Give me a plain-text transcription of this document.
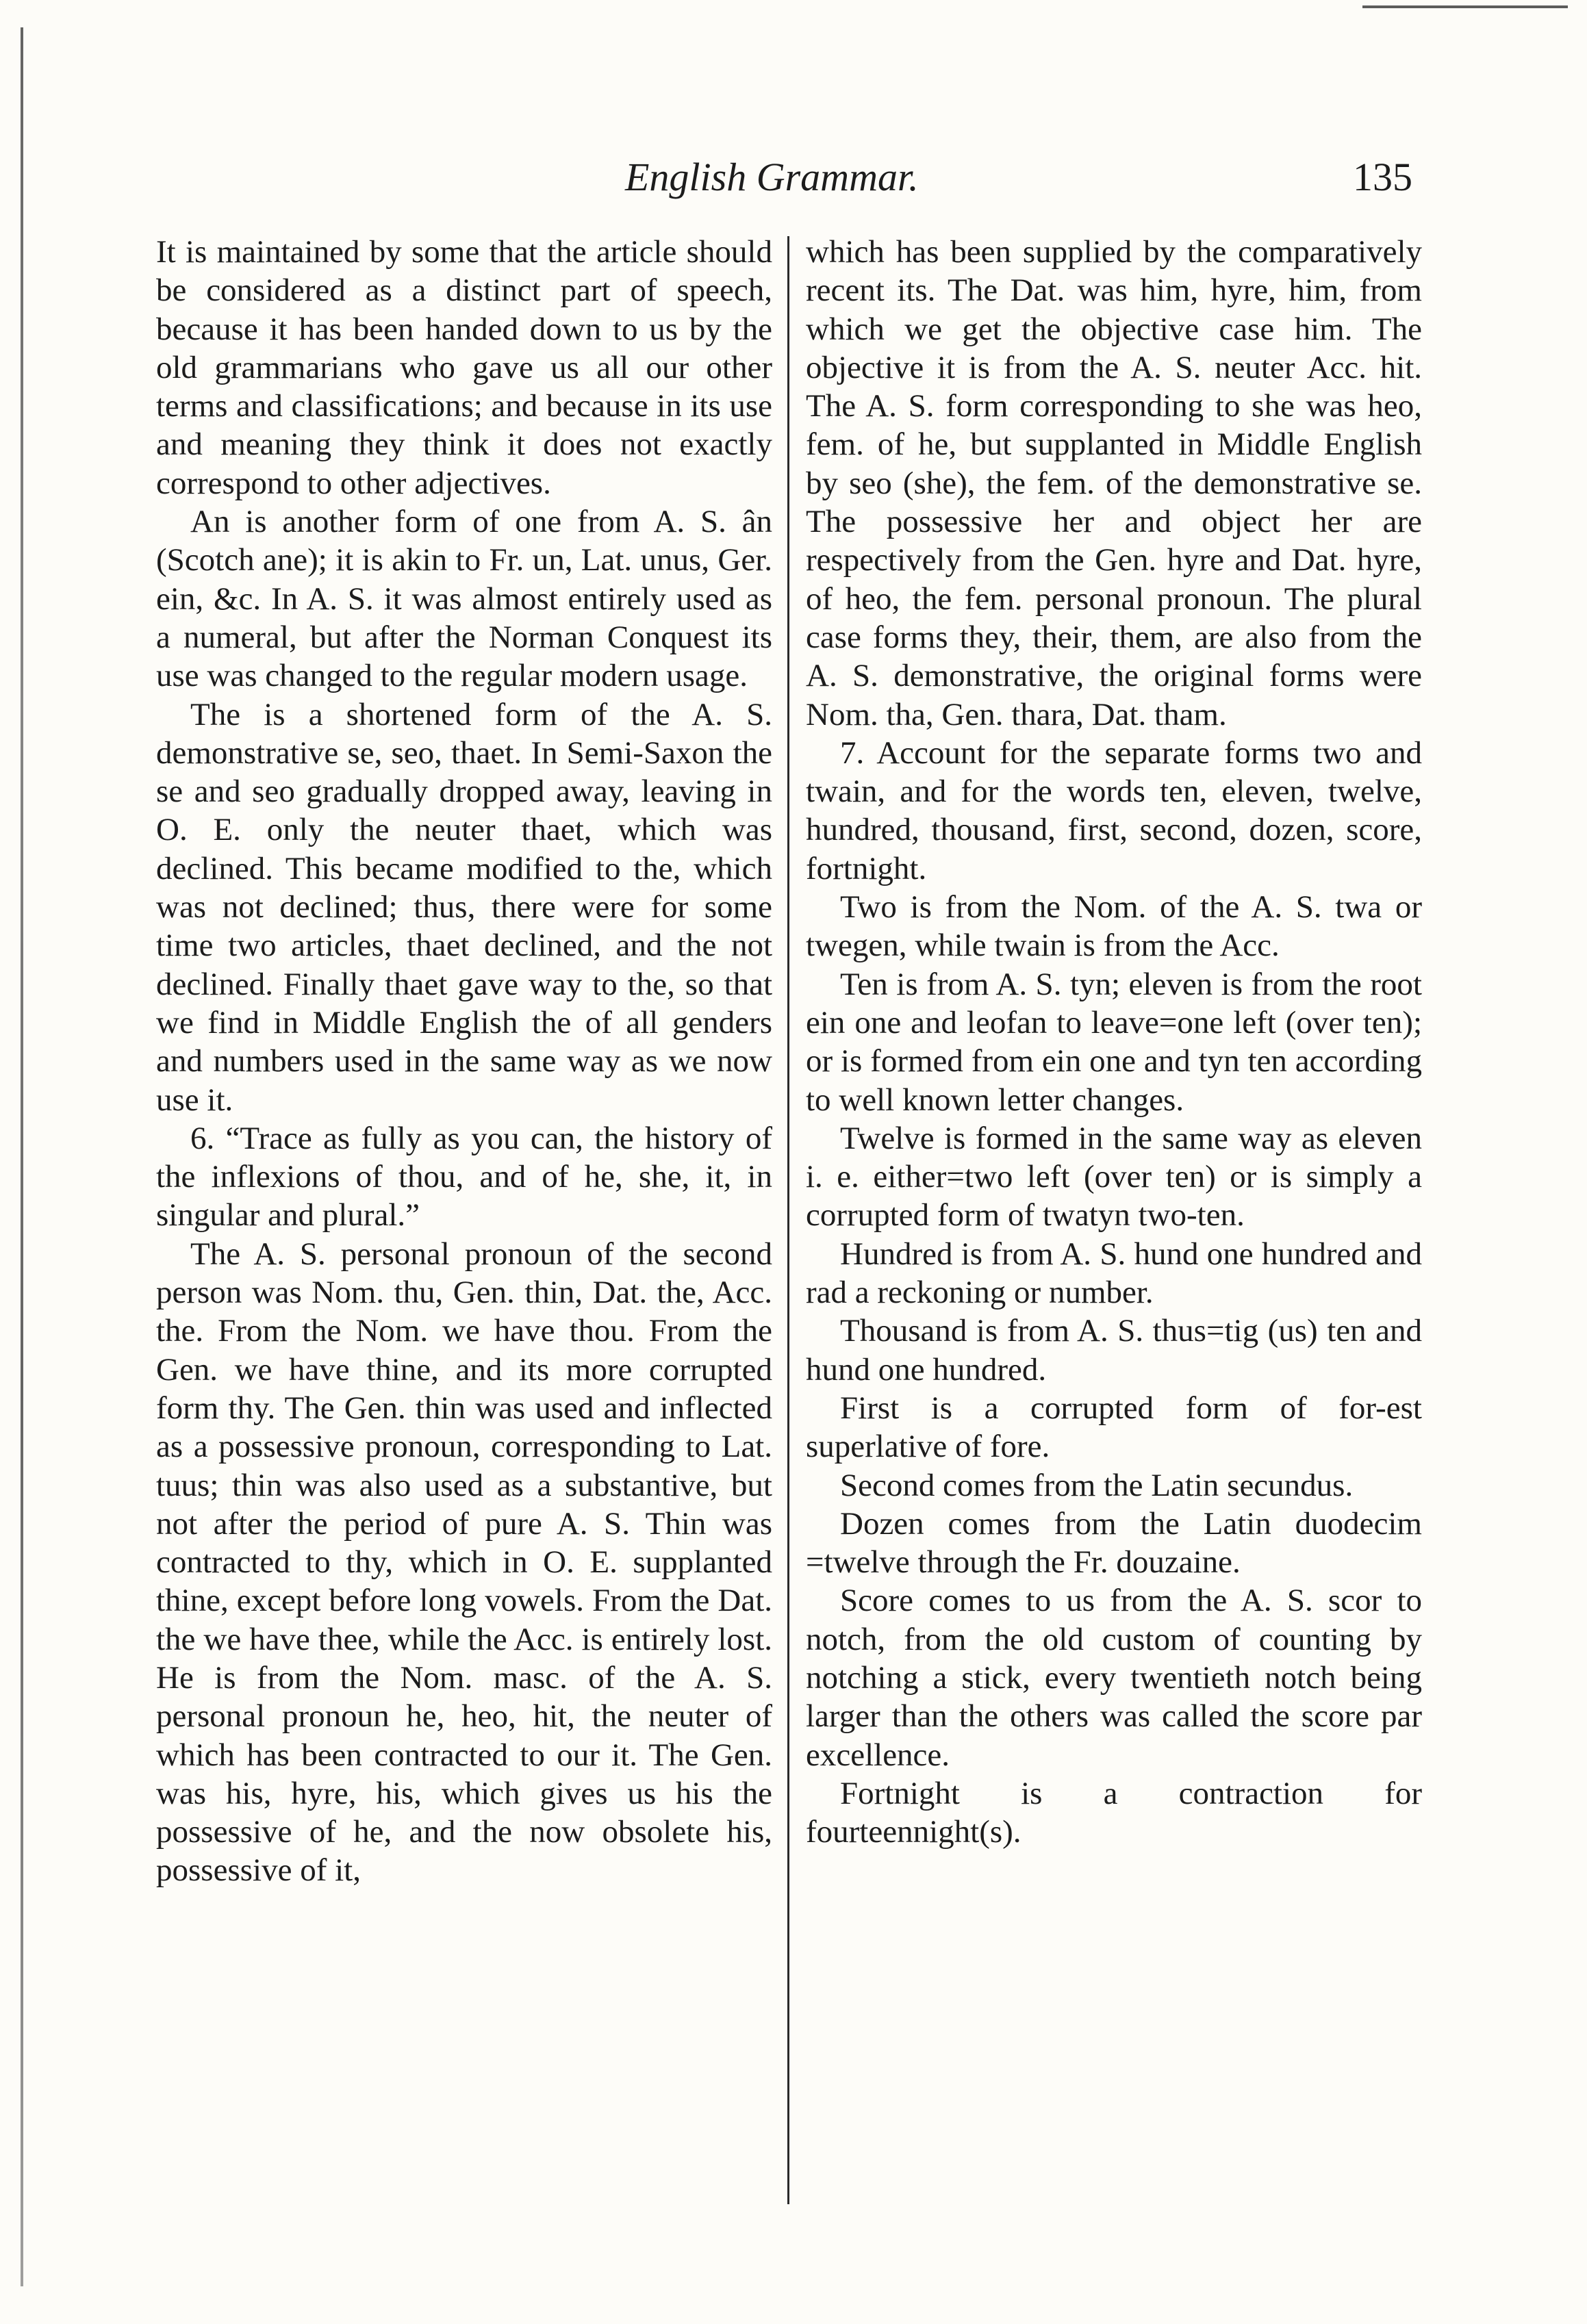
English Grammar.	135

It is maintained by some that the article should be considered as a distinct part of speech, because it has been handed down to us by the old grammarians who gave us all our other terms and classifications; and because in its use and meaning they think it does not exactly correspond to other adjectives.

An is another form of one from A. S. ân (Scotch ane); it is akin to Fr. un, Lat. unus, Ger. ein, &c. In A. S. it was almost entirely used as a numeral, but after the Norman Conquest its use was changed to the regular modern usage.

The is a shortened form of the A. S. demonstrative se, seo, thaet. In Semi-Saxon the se and seo gradually dropped away, leaving in O. E. only the neuter thaet, which was declined. This became modified to the, which was not declined; thus, there were for some time two articles, thaet declined, and the not declined. Finally thaet gave way to the, so that we find in Middle English the of all genders and numbers used in the same way as we now use it.

6. “Trace as fully as you can, the history of the inflexions of thou, and of he, she, it, in singular and plural.”

The A. S. personal pronoun of the second person was Nom. thu, Gen. thin, Dat. the, Acc. the. From the Nom. we have thou. From the Gen. we have thine, and its more corrupted form thy. The Gen. thin was used and inflected as a possessive pronoun, corresponding to Lat. tuus; thin was also used as a substantive, but not after the period of pure A. S. Thin was contracted to thy, which in O. E. supplanted thine, except before long vowels. From the Dat. the we have thee, while the Acc. is entirely lost. He is from the Nom. masc. of the A. S. personal pronoun he, heo, hit, the neuter of which has been contracted to our it. The Gen. was his, hyre, his, which gives us his the possessive of he, and the now obsolete his, possessive of it,

which has been supplied by the comparatively recent its. The Dat. was him, hyre, him, from which we get the objective case him. The objective it is from the A. S. neuter Acc. hit. The A. S. form corresponding to she was heo, fem. of he, but supplanted in Middle English by seo (she), the fem. of the demonstrative se. The possessive her and object her are respectively from the Gen. hyre and Dat. hyre, of heo, the fem. personal pronoun. The plural case forms they, their, them, are also from the A. S. demonstrative, the original forms were Nom. tha, Gen. thara, Dat. tham.

7. Account for the separate forms two and twain, and for the words ten, eleven, twelve, hundred, thousand, first, second, dozen, score, fortnight.

Two is from the Nom. of the A. S. twa or twegen, while twain is from the Acc.

Ten is from A. S. tyn; eleven is from the root ein one and leofan to leave=one left (over ten); or is formed from ein one and tyn ten according to well known letter changes.

Twelve is formed in the same way as eleven i. e. either=two left (over ten) or is simply a corrupted form of twatyn two-ten.

Hundred is from A. S. hund one hundred and rad a reckoning or number.

Thousand is from A. S. thus=tig (us) ten and hund one hundred.

First is a corrupted form of for-est superlative of fore.

Second comes from the Latin secundus.

Dozen comes from the Latin duodecim =twelve through the Fr. douzaine.

Score comes to us from the A. S. scor to notch, from the old custom of counting by notching a stick, every twentieth notch being larger than the others was called the score par excellence.

Fortnight is a contraction for fourteennight(s).
